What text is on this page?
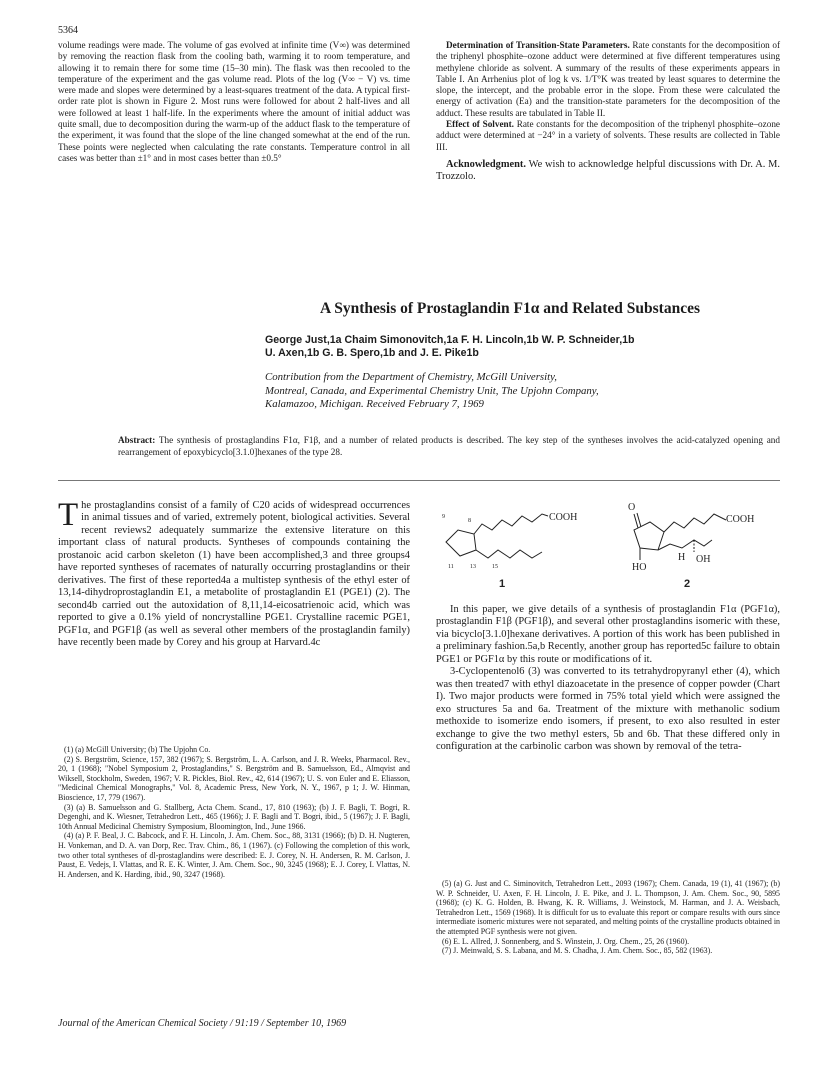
5364

volume readings were made. The volume of gas evolved at infinite time (V∞) was determined by removing the reaction flask from the cooling bath, warming it to room temperature, and allowing it to remain there for some time (15–30 min). The flask was then recooled to the temperature of the experiment and the gas volume read. Plots of the log (V∞ − V) vs. time were made and slopes were determined by a least-squares treatment of the data. A typical first-order rate plot is shown in Figure 2. Most runs were followed for about 2 half-lives and all were followed at least 1 half-life. In the experiments where the amount of initial adduct was quite small, due to decomposition during the warm-up of the adduct flask to the temperature of the experiment, it was found that the slope of the line changed somewhat at the end of the run. These points were neglected when calculating the rate constants. Temperature control in all cases was better than ±1° and in most cases better than ±0.5°

Determination of Transition-State Parameters. Rate constants for the decomposition of the triphenyl phosphite–ozone adduct were determined at five different temperatures using methylene chloride as solvent. A summary of the results of these experiments appears in Table I. An Arrhenius plot of log k vs. 1/T°K was treated by least squares to determine the slope, the intercept, and the probable error in the slope. From these were calculated the energy of activation (Ea) and the transition-state parameters for the decomposition of the adduct. These results are tabulated in Table II.

Effect of Solvent. Rate constants for the decomposition of the triphenyl phosphite–ozone adduct were determined at −24° in a variety of solvents. These results are collected in Table III.

Acknowledgment. We wish to acknowledge helpful discussions with Dr. A. M. Trozzolo.

A Synthesis of Prostaglandin F1α and Related Substances
George Just,1a Chaim Simonovitch,1a F. H. Lincoln,1b W. P. Schneider,1b
U. Axen,1b G. B. Spero,1b and J. E. Pike1b
Contribution from the Department of Chemistry, McGill University,
Montreal, Canada, and Experimental Chemistry Unit, The Upjohn Company,
Kalamazoo, Michigan. Received February 7, 1969
Abstract: The synthesis of prostaglandins F1α, F1β, and a number of related products is described. The key step of the syntheses involves the acid-catalyzed opening and rearrangement of epoxybicyclo[3.1.0]hexanes of the type 28.
The prostaglandins consist of a family of C20 acids of widespread occurrences in animal tissues and of varied, extremely potent, biological activities. Several recent reviews2 adequately summarize the extensive literature on this important class of natural products. Syntheses of compounds containing the prostanoic acid carbon skeleton (1) have been accomplished,3 and three groups4 have reported syntheses of racemates of naturally occurring prostaglandins or their derivatives. The first of these reported4a a multistep synthesis of the ethyl ester of 13,14-dihydroprostaglandin E1, a metabolite of prostaglandin E1 (PGE1) (2). The second4b carried out the autoxidation of 8,11,14-eicosatrienoic acid, which was reported to give a 0.1% yield of noncrystalline PGE1. Crystalline racemic PGE1, PGF1α, and PGF1β (as well as several other members of the prostaglandin family) have recently been made by Corey and his group at Harvard.4c

(1) (a) McGill University; (b) The Upjohn Co.

(2) S. Bergström, Science, 157, 382 (1967); S. Bergström, L. A. Carlson, and J. R. Weeks, Pharmacol. Rev., 20, 1 (1968); "Nobel Symposium 2, Prostaglandins," S. Bergström and B. Samuelsson, Ed., Almqvist and Wiksell, Stockholm, Sweden, 1967; V. R. Pickles, Biol. Rev., 42, 614 (1967); U. S. von Euler and E. Eliasson, "Medicinal Chemical Monographs," Vol. 8, Academic Press, New York, N. Y., 1967, p 1; J. W. Hinman, Bioscience, 17, 779 (1967).

(3) (a) B. Samuelsson and G. Stallberg, Acta Chem. Scand., 17, 810 (1963); (b) J. F. Bagli, T. Bogri, R. Degenghi, and K. Wiesner, Tetrahedron Lett., 465 (1966); J. F. Bagli and T. Bogri, ibid., 5 (1967); J. F. Bagli, 10th Annual Medicinal Chemistry Symposium, Bloomington, Ind., June 1966.

(4) (a) P. F. Beal, J. C. Babcock, and F. H. Lincoln, J. Am. Chem. Soc., 88, 3131 (1966); (b) D. H. Nugteren, H. Vonkeman, and D. A. van Dorp, Rec. Trav. Chim., 86, 1 (1967). (c) Following the completion of this work, two other total syntheses of dl-prostaglandins were described: E. J. Corey, N. H. Andersen, R. M. Carlson, J. Paust, E. Vedejs, I. Vlattas, and R. E. K. Winter, J. Am. Chem. Soc., 90, 3245 (1968); E. J. Corey, I. Vlattas, N. H. Andersen, and K. Harding, ibid., 90, 3247 (1968).

9
8
11	13	15
COOH
1
O
COOH
HO
H OH
2

In this paper, we give details of a synthesis of prostaglandin F1α (PGF1α), prostaglandin F1β (PGF1β), and several other prostaglandins isomeric with these, via bicyclo[3.1.0]hexane derivatives. A portion of this work has been published in a preliminary fashion.5a,b Recently, another group has reported5c failure to obtain PGE1 or PGF1α by this route or modifications of it.

3-Cyclopentenol6 (3) was converted to its tetrahydropyranyl ether (4), which was then treated7 with ethyl diazoacetate in the presence of copper powder (Chart I). Two major products were formed in 75% total yield which were assigned the exo structures 5a and 6a. Treatment of the mixture with methanolic sodium methoxide to isomerize endo isomers, if present, to exo also resulted in ester exchange to give the two methyl esters, 5b and 6b. That these differed only in configuration at the carbinolic carbon was shown by removal of the tetra-

(5) (a) G. Just and C. Siminovitch, Tetrahedron Lett., 2093 (1967); Chem. Canada, 19 (1), 41 (1967); (b) W. P. Schneider, U. Axen, F. H. Lincoln, J. E. Pike, and J. L. Thompson, J. Am. Chem. Soc., 90, 5895 (1968); (c) K. G. Holden, B. Hwang, K. R. Williams, J. Weinstock, M. Harman, and J. A. Weisbach, Tetrahedron Lett., 1569 (1968). It is difficult for us to evaluate this report or compare results with ours since intermediate isomeric mixtures were not separated, and melting points of the crystalline products obtained in the attempted PGF synthesis were not given.

(6) E. L. Allred, J. Sonnenberg, and S. Winstein, J. Org. Chem., 25, 26 (1960).

(7) J. Meinwald, S. S. Labana, and M. S. Chadha, J. Am. Chem. Soc., 85, 582 (1963).

Journal of the American Chemical Society / 91:19 / September 10, 1969
